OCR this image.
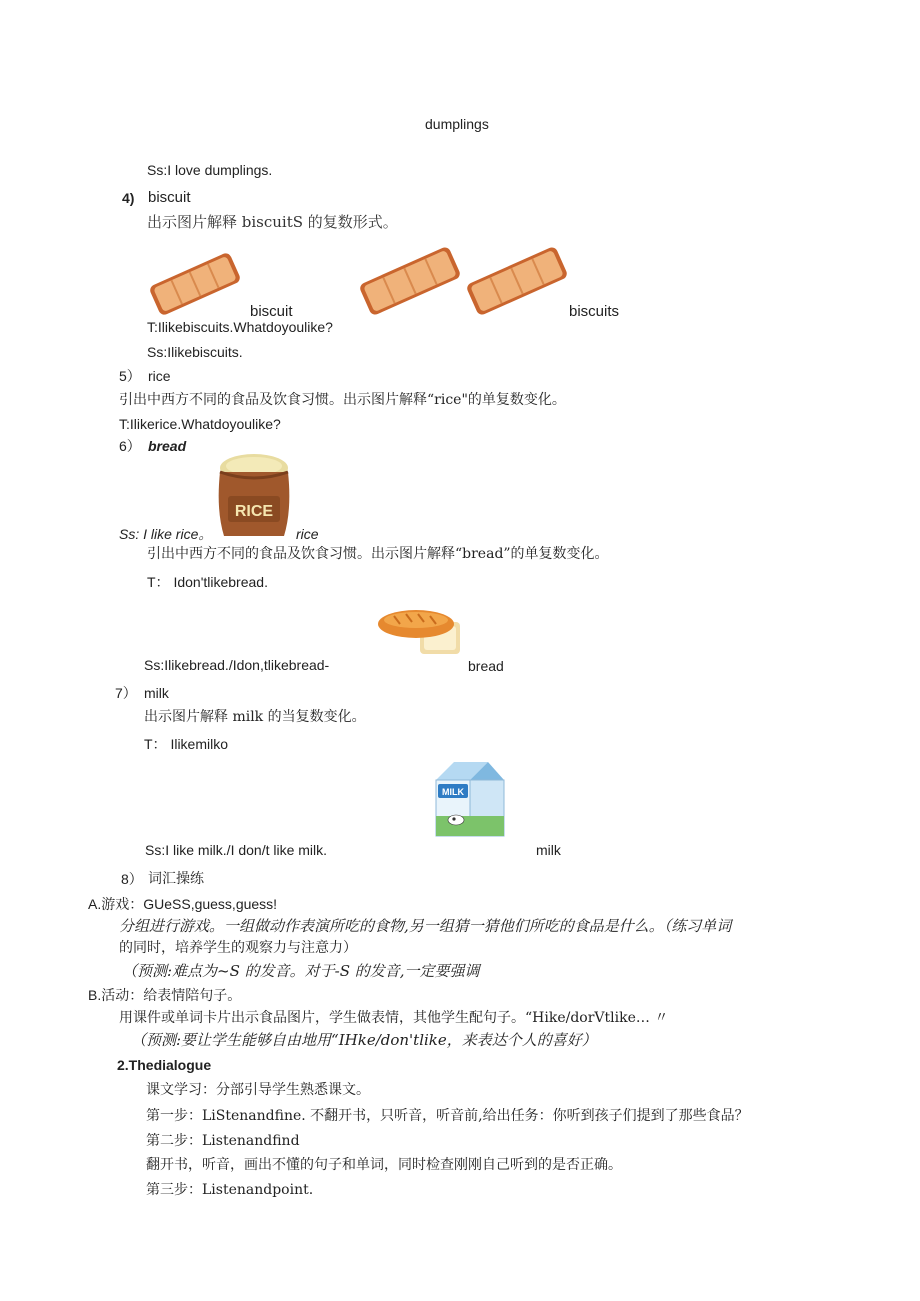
dumplings
Ss:I love dumplings.
4) biscuit
出示图片解释 biscuitS 的复数形式。
biscuit	biscuits
T:Ilikebiscuits.Whatdoyoulike?
Ss:Ilikebiscuits.
5） rice
引出中西方不同的食品及饮食习惯。出示图片解释“rice"的单复数变化。
T:Ilikerice.Whatdoyoulike?
6） bread
RICE
Ss: I like rice。	rice
引出中西方不同的食品及饮食习惯。出示图片解释“bread”的单复数变化。
T： Idon'tlikebread.
Ss:Ilikebread./Idon,tlikebread-	bread
7） milk
出示图片解释 milk 的当复数变化。
T： Ilikemilko
MILK
Ss:I like milk./I don/t like milk.	milk
8） 词汇操练
A.游戏：GUeSS,guess,guess!
分组进行游戏。一组做动作表演所吃的食物,另一组猜一猜他们所吃的食品是什么。（练习单词
的同时，培养学生的观察力与注意力）
（预测:难点为~S 的发音。对于-S 的发音,一定要强调
B.活动：给表情陪句子。
用课件或单词卡片出示食品图片，学生做表情，其他学生配句子。“Hike/dorVtlike… 〃
（预测:要让学生能够自由地用“IHke/don'tlike，来表达个人的喜好）
2.Thedialogue
课文学习：分部引导学生熟悉课文。
第一步：LiStenandfine. 不翻开书，只听音，听音前,给出任务：你听到孩子们提到了那些食品？
第二步：Listenandfind
翻开书，听音，画出不懂的句子和单词，同时检查刚刚自己听到的是否正确。
第三步：Listenandpoint.
